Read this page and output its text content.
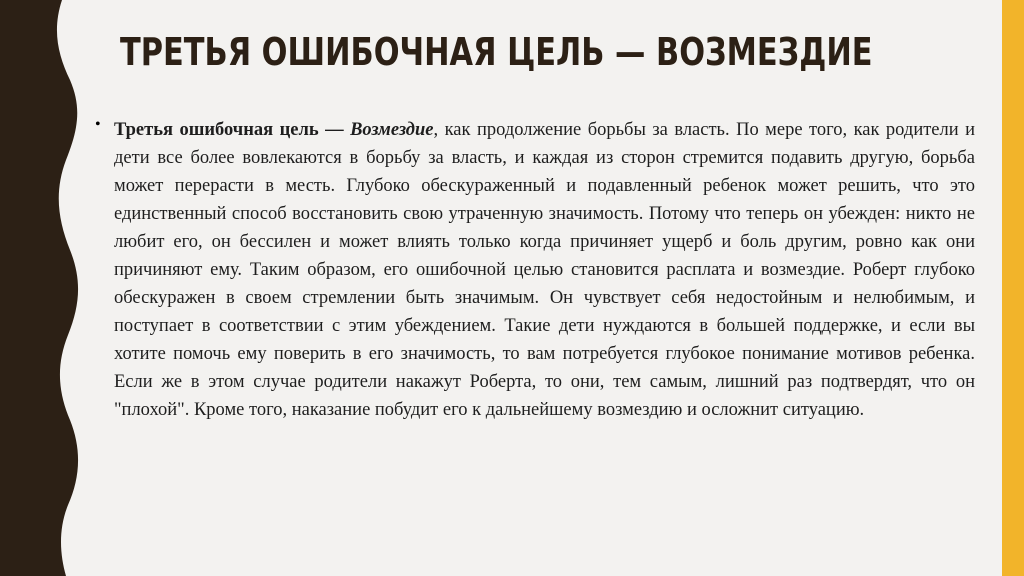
ТРЕТЬЯ ОШИБОЧНАЯ ЦЕЛЬ — ВОЗМЕЗДИЕ
• Третья ошибочная цель — Возмездие, как продолжение борьбы за власть. По мере того, как родители и дети все более вовлекаются в борьбу за власть, и каждая из сторон стремится подавить другую, борьба может перерасти в месть. Глубоко обескураженный и подавленный ребенок может решить, что это единственный способ восстановить свою утраченную значимость. Потому что теперь он убежден: никто не любит его, он бессилен и может влиять только когда причиняет ущерб и боль другим, ровно как они причиняют ему. Таким образом, его ошибочной целью становится расплата и возмездие. Роберт глубоко обескуражен в своем стремлении быть значимым. Он чувствует себя недостойным и нелюбимым, и поступает в соответствии с этим убеждением. Такие дети нуждаются в большей поддержке, и если вы хотите помочь ему поверить в его значимость, то вам потребуется глубокое понимание мотивов ребенка. Если же в этом случае родители накажут Роберта, то они, тем самым, лишний раз подтвердят, что он "плохой". Кроме того, наказание побудит его к дальнейшему возмездию и осложнит ситуацию.
